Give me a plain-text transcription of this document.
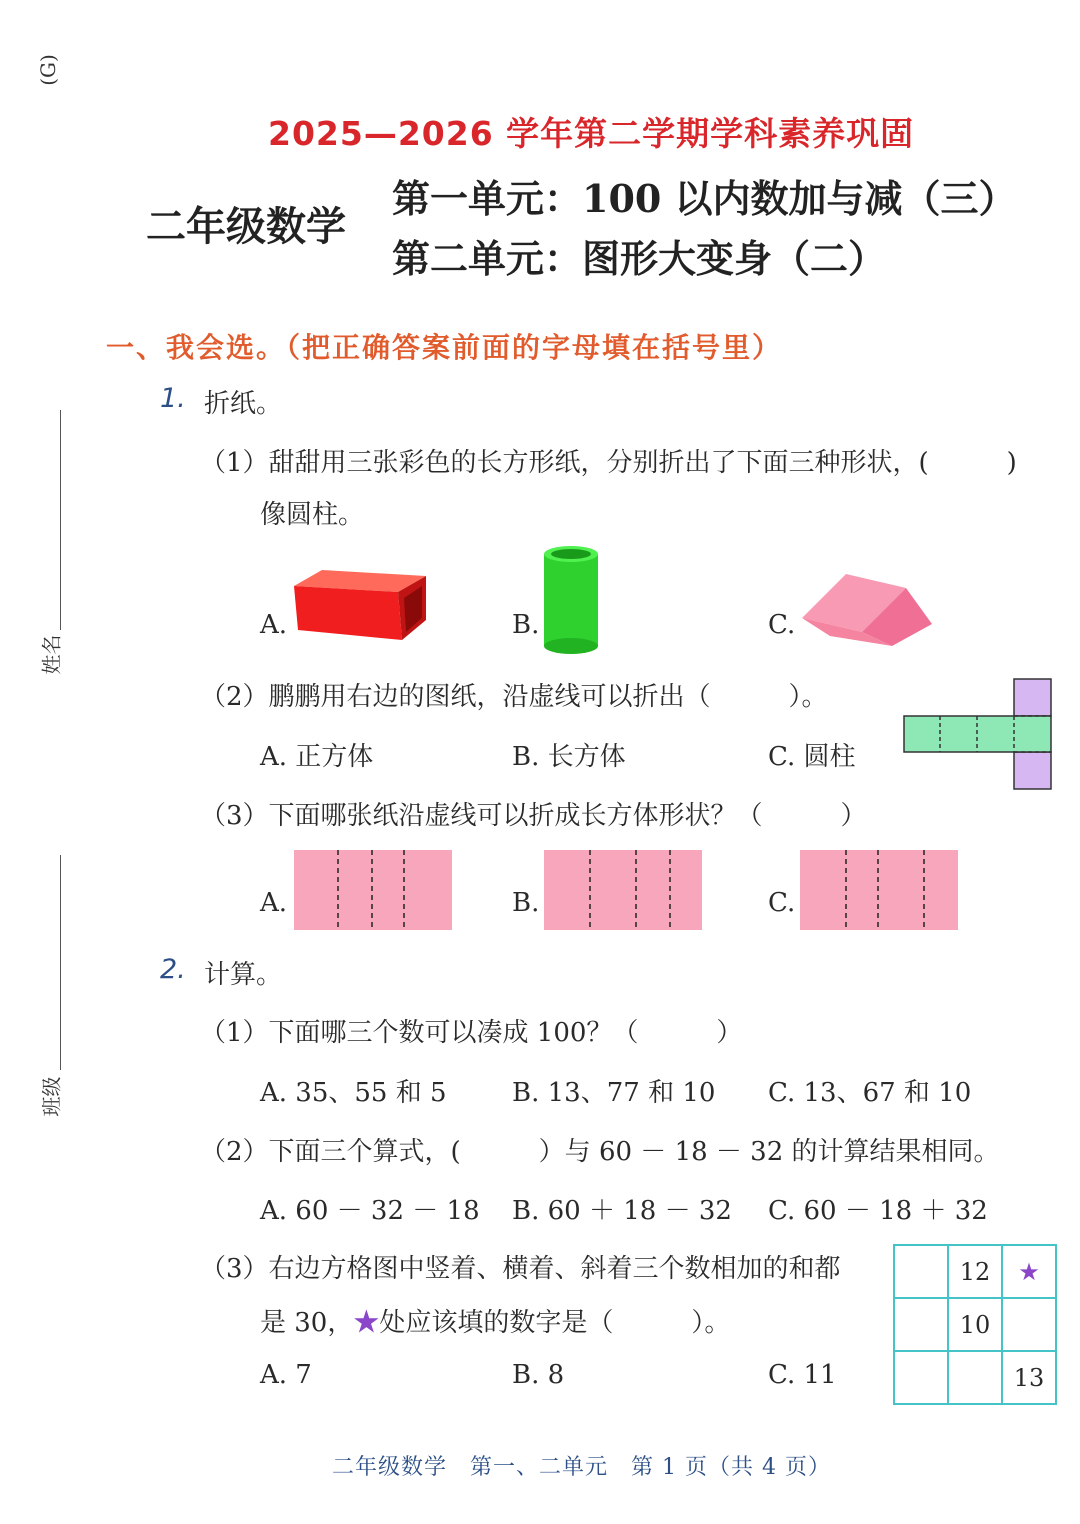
(G)
姓名
班级
2025—2026 学年第二学期学科素养巩固
二年级数学
第一单元：100 以内数加与减（三）
第二单元：图形大变身（二）
一、我会选。（把正确答案前面的字母填在括号里）
1. 折纸。
（1）甜甜用三张彩色的长方形纸，分别折出了下面三种形状，(　　　)
像圆柱。
A.	B.	C.
（2）鹏鹏用右边的图纸，沿虚线可以折出（　　　）。
A. 正方体	B. 长方体	C. 圆柱
（3）下面哪张纸沿虚线可以折成长方体形状？（　　　）
A.	B.	C.
2. 计算。
（1）下面哪三个数可以凑成 100？（　　　）
A. 35、55 和 5	B. 13、77 和 10 C. 13、67 和 10
（2）下面三个算式，(　　　）与 60 － 18 － 32 的计算结果相同。
A. 60 － 32 － 18 B. 60 ＋ 18 － 32 C. 60 － 18 ＋ 32
（3）右边方格图中竖着、横着、斜着三个数相加的和都
是 30，★处应该填的数字是（　　　）。
A. 7	B. 8	C. 11
	12	★
	10	
		13
二年级数学　第一、二单元　第 1 页（共 4 页）
